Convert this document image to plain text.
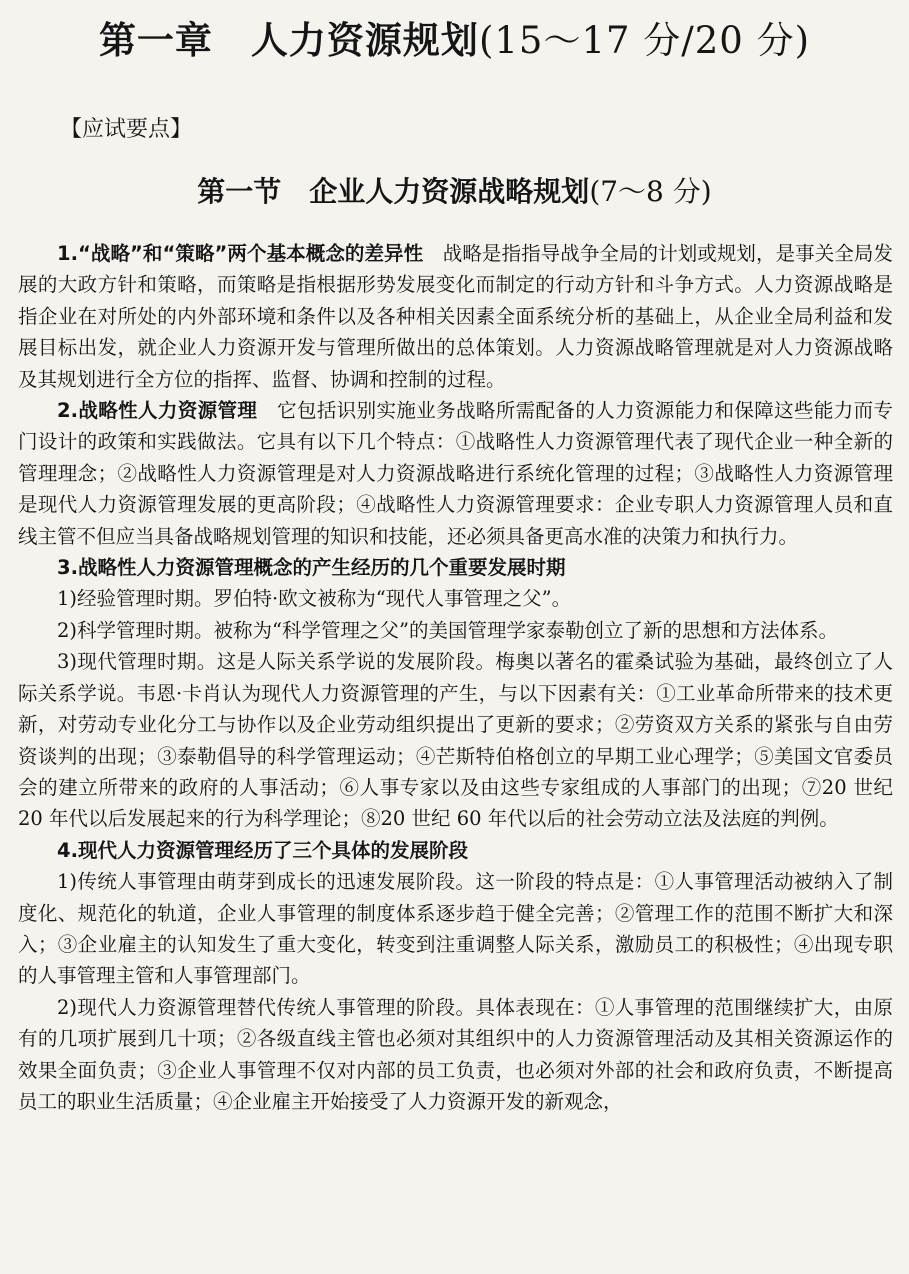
第一章　人力资源规划(15～17 分/20 分)
【应试要点】
第一节　企业人力资源战略规划(7～8 分)

1.“战略”和“策略”两个基本概念的差异性　战略是指指导战争全局的计划或规划，是事关全局发展的大政方针和策略，而策略是指根据形势发展变化而制定的行动方针和斗争方式。人力资源战略是指企业在对所处的内外部环境和条件以及各种相关因素全面系统分析的基础上，从企业全局利益和发展目标出发，就企业人力资源开发与管理所做出的总体策划。人力资源战略管理就是对人力资源战略及其规划进行全方位的指挥、监督、协调和控制的过程。

2.战略性人力资源管理　它包括识别实施业务战略所需配备的人力资源能力和保障这些能力而专门设计的政策和实践做法。它具有以下几个特点：①战略性人力资源管理代表了现代企业一种全新的管理理念；②战略性人力资源管理是对人力资源战略进行系统化管理的过程；③战略性人力资源管理是现代人力资源管理发展的更高阶段；④战略性人力资源管理要求：企业专职人力资源管理人员和直线主管不但应当具备战略规划管理的知识和技能，还必须具备更高水准的决策力和执行力。

3.战略性人力资源管理概念的产生经历的几个重要发展时期

1)经验管理时期。罗伯特·欧文被称为“现代人事管理之父”。

2)科学管理时期。被称为“科学管理之父”的美国管理学家泰勒创立了新的思想和方法体系。

3)现代管理时期。这是人际关系学说的发展阶段。梅奥以著名的霍桑试验为基础，最终创立了人际关系学说。韦恩·卡肖认为现代人力资源管理的产生，与以下因素有关：①工业革命所带来的技术更新，对劳动专业化分工与协作以及企业劳动组织提出了更新的要求；②劳资双方关系的紧张与自由劳资谈判的出现；③泰勒倡导的科学管理运动；④芒斯特伯格创立的早期工业心理学；⑤美国文官委员会的建立所带来的政府的人事活动；⑥人事专家以及由这些专家组成的人事部门的出现；⑦20 世纪 20 年代以后发展起来的行为科学理论；⑧20 世纪 60 年代以后的社会劳动立法及法庭的判例。

4.现代人力资源管理经历了三个具体的发展阶段

1)传统人事管理由萌芽到成长的迅速发展阶段。这一阶段的特点是：①人事管理活动被纳入了制度化、规范化的轨道，企业人事管理的制度体系逐步趋于健全完善；②管理工作的范围不断扩大和深入；③企业雇主的认知发生了重大变化，转变到注重调整人际关系，激励员工的积极性；④出现专职的人事管理主管和人事管理部门。

2)现代人力资源管理替代传统人事管理的阶段。具体表现在：①人事管理的范围继续扩大，由原有的几项扩展到几十项；②各级直线主管也必须对其组织中的人力资源管理活动及其相关资源运作的效果全面负责；③企业人事管理不仅对内部的员工负责，也必须对外部的社会和政府负责，不断提高员工的职业生活质量；④企业雇主开始接受了人力资源开发的新观念，
